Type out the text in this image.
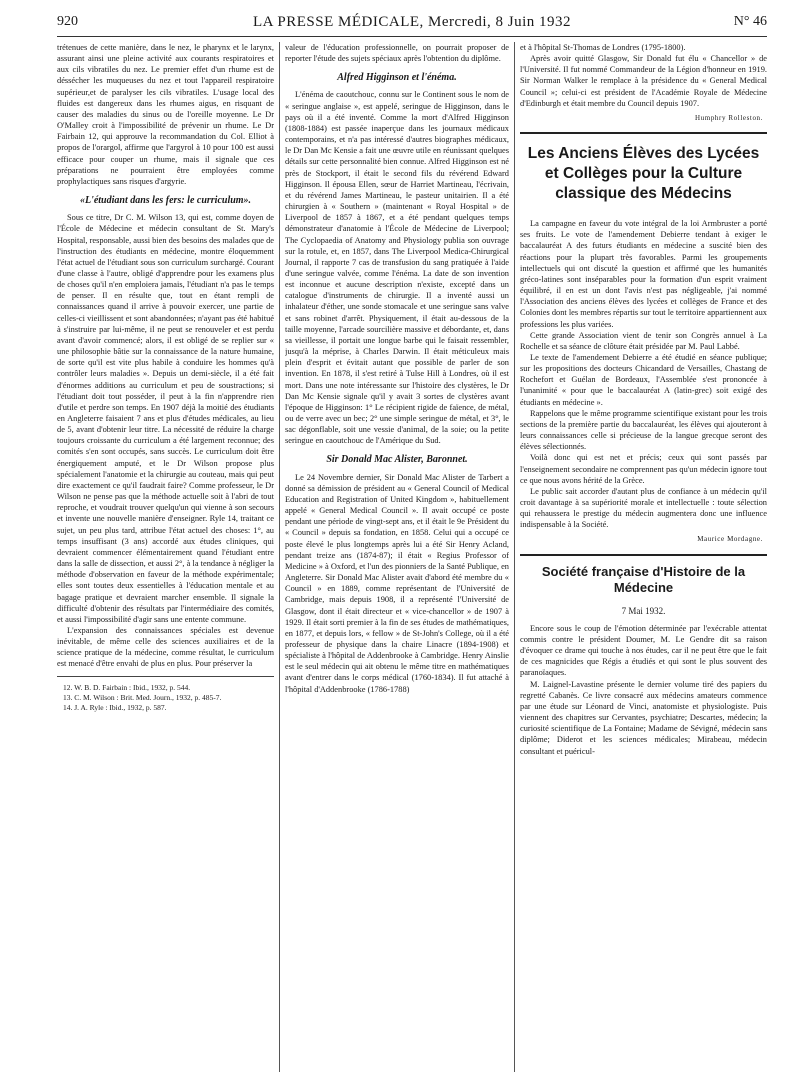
920	LA PRESSE MÉDICALE, Mercredi, 8 Juin 1932	N° 46

trétenues de cette manière, dans le nez, le pharynx et le larynx, assurant ainsi une pleine activité aux courants respiratoires et aux cils vibratiles du nez. Le premier effet d'un rhume est de déssécher les muqueuses du nez et tout l'appareil respiratoire supérieur,et de paralyser les cils vibratiles. L'usage local des fluides est dangereux dans les rhumes aigus, en risquant de causer des maladies du sinus ou de l'oreille moyenne. Le Dr O'Malley croit à l'impossibilité de prévenir un rhume. Le Dr Fairbain 12, qui approuve la recommandation du Col. Elliot à propos de l'orargol, affirme que l'argyrol à 10 pour 100 est aussi efficace pour couper un rhume, mais il signale que ces préparations ne pourraient être employées comme prophylactiques sans risques d'argyrie.

«L'étudiant dans les fers: le curriculum».

Sous ce titre, Dr C. M. Wilson 13, qui est, comme doyen de l'École de Médecine et médecin consultant de St. Mary's Hospital, responsable, aussi bien des besoins des malades que de l'instruction des étudiants en médecine, montre éloquemment l'état actuel de l'étudiant sous son curriculum surchargé. Courant d'une classe à l'autre, obligé d'apprendre pour les examens plus de choses qu'il n'en emploiera jamais, l'étudiant n'a pas le temps de penser. Il en résulte que, tout en étant rempli de connaissances quand il arrive à pouvoir exercer, une partie de celles-ci vieillissent et sont abandonnées; n'ayant pas été habitué à s'instruire par lui-même, il ne peut se renouveler et est perdu avant d'avoir commencé; alors, il est obligé de se replier sur « une philosophie bâtie sur la connaissance de la nature humaine, de sorte qu'il est vite plus habile à conduire les hommes qu'à contrôler leurs maladies ». Depuis un demi-siècle, il a été fait d'énormes additions au curriculum et peu de soustractions; si l'étudiant doit tout posséder, il peut à la fin n'apprendre rien d'utile et perdre son temps. En 1907 déjà la moitié des étudiants en Angleterre faisaient 7 ans et plus d'études médicales, au lieu de 5, avant d'obtenir leur titre. La nécessité de réduire la charge toujours croissante du curriculum a été largement reconnue; des comités s'en sont occupés, sans succès. Le curriculum doit être énergiquement amputé, et le Dr Wilson propose plus spécialement l'anatomie et la chirurgie au couteau, mais qui peut dire exactement ce qu'il faudrait faire? Comme professeur, le Dr Wilson ne pense pas que la méthode actuelle soit à l'abri de tout reproche, et voudrait trouver quelqu'un qui vienne à son secours et invente une nouvelle manière d'enseigner. Ryle 14, traitant ce sujet, un peu plus tard, attribue l'état actuel des choses: 1°, au temps insuffisant (3 ans) accordé aux études cliniques, qui devraient commencer élémentairement quand l'étudiant entre dans la salle de dissection, et aussi 2°, à la tendance à négliger la méthode d'observation en faveur de la méthode expérimentale; elles sont toutes deux essentielles à l'éducation mentale et au bagage pratique et devraient marcher ensemble. Il signale la difficulté d'obtenir des résultats par l'intermédiaire des comités, et aussi l'impossibilité d'agir sans une entente commune.

L'expansion des connaissances spéciales est devenue inévitable, de même celle des sciences auxiliaires et de la science pratique de la médecine, comme résultat, le curriculum est menacé d'être envahi de plus en plus. Pour préserver la

12. W. B. D. Fairbain : Ibid., 1932, p. 544.
13. C. M. Wilson : Brit. Med. Journ., 1932, p. 485-7.
14. J. A. Ryle : Ibid., 1932, p. 587.

valeur de l'éducation professionnelle, on pourrait proposer de reporter l'étude des sujets spéciaux après l'obtention du diplôme.

Alfred Higginson et l'énéma.

L'énéma de caoutchouc, connu sur le Continent sous le nom de « seringue anglaise », est appelé, seringue de Higginson, dans le pays où il a été inventé. Comme la mort d'Alfred Higginson (1808-1884) est passée inaperçue dans les journaux médicaux contemporains, et n'a pas intéressé d'autres biographes médicaux, le Dr Dan Mc Kensie a fait une œuvre utile en réunissant quelques détails sur cette personnalité bien connue. Alfred Higginson est né près de Stockport, il était le second fils du révérend Edward Higginson. Il épousa Ellen, sœur de Harriet Martineau, l'écrivain, et du révérend James Martineau, le pasteur unitairien. Il a été chirurgien à « Southern » (maintenant « Royal Hospital » de Liverpool de 1857 à 1867, et a été pendant quelques temps démonstrateur d'anatomie à l'École de Médecine de Liverpool; The Cyclopaedia of Anatomy and Physiology publia son ouvrage sur la rotule, et, en 1857, dans The Liverpool Medica-Chirurgical Journal, il rapporte 7 cas de transfusion du sang pratiquée à l'aide d'une seringue valvée, comme l'énéma. La date de son invention est inconnue et aucune description n'existe, excepté dans un catalogue d'instruments de chirurgie. Il a inventé aussi un inhalateur d'éther, une sonde stomacale et une seringue sans valve et sans robinet d'arrêt. Physiquement, il était au-dessous de la taille moyenne, l'arcade sourcilière massive et débordante, et, dans sa vieillesse, il portait une longue barbe qui le faisait ressembler, jusqu'à la méprise, à Charles Darwin. Il était méticuleux mais plein d'esprit et évitait autant que possible de parler de son invention. En 1878, il s'est retiré à Tulse Hill à Londres, où il est mort. Dans une note intéressante sur l'histoire des clystères, le Dr Dan Mc Kensie signale qu'il y avait 3 sortes de clystères avant l'époque de Higginson: 1° Le récipient rigide de faïence, de métal, ou de verre avec un bec; 2° une simple seringue de métal, et 3°, le sac dégonflable, soit une vessie d'animal, de la soie; ou la petite seringue en caoutchouc de l'Amérique du Sud.

Sir Donald Mac Alister, Baronnet.

Le 24 Novembre dernier, Sir Donald Mac Alister de Tarbert a donné sa démission de président au « General Council of Medical Education and Registration of United Kingdom », habituellement appelé « General Medical Council ». Il avait occupé ce poste pendant une période de vingt-sept ans, et il était le 9e Président du « Council » depuis sa fondation, en 1858. Celui qui a occupé ce poste élevé le plus longtemps après lui a été Sir Henry Acland, pendant treize ans (1874-87); il était « Regius Professor of Medicine » à Oxford, et l'un des pionniers de la Santé Publique, en Angleterre. Sir Donald Mac Alister avait d'abord été membre du « Council » en 1889, comme représentant de l'Université de Cambridge, mais depuis 1908, il a représenté l'Université de Glasgow, dont il était directeur et « vice-chancellor » de 1907 à 1929. Il était sorti premier à la fin de ses études de mathématiques, en 1877, et depuis lors, « fellow » de St-John's College, où il a été professeur de physique dans la chaire Linacre (1894-1908) et spécialiste à l'hôpital de Addenbrooke à Cambridge. Henry Ainslie est le seul médecin qui ait obtenu le même titre en mathématiques avant d'entrer dans le corps médical (1760-1834). Il fut attaché à l'hôpital d'Addenbrooke (1786-1788)

et à l'hôpital St-Thomas de Londres (1795-1800).

Après avoir quitté Glasgow, Sir Donald fut élu « Chancellor » de l'Université. Il fut nommé Commandeur de la Légion d'honneur en 1919. Sir Norman Walker le remplace à la présidence du « General Medical Council »; celui-ci est président de l'Académie Royale de Médecine d'Edinburgh et était membre du Council depuis 1907.

Humphry Rolleston.
Les Anciens Élèves des Lycées et Collèges pour la Culture classique des Médecins

La campagne en faveur du vote intégral de la loi Armbruster a porté ses fruits. Le vote de l'amendement Debierre tendant à exiger le baccalauréat A des futurs étudiants en médecine a suscité bien des réactions pour la plupart très favorables. Parmi les groupements intellectuels qui ont discuté la question et affirmé que les humanités gréco-latines sont inséparables pour la formation d'un esprit vraiment équilibré, il en est un dont l'avis n'est pas négligeable, j'ai nommé l'Association des anciens élèves des lycées et collèges de France et des Colonies dont les membres répartis sur tout le territoire appartiennent aux professions les plus variées.

Cette grande Association vient de tenir son Congrès annuel à La Rochelle et sa séance de clôture était présidée par M. Paul Labbé.

Le texte de l'amendement Debierre a été étudié en séance publique; sur les propositions des docteurs Chicandard de Versailles, Chastang de Rochefort et Guélan de Bordeaux, l'Assemblée s'est prononcée à l'unanimité « pour que le baccalauréat A (latin-grec) soit exigé des étudiants en médecine ».

Rappelons que le même programme scientifique existant pour les trois sections de la première partie du baccalauréat, les élèves qui ajouteront à leurs connaissances celle si précieuse de la langue grecque seront des élèves sélectionnés.

Voilà donc qui est net et précis; ceux qui sont passés par l'enseignement secondaire ne comprennent pas qu'un médecin ignore tout ce que nous avons hérité de la Grèce.

Le public sait accorder d'autant plus de confiance à un médecin qu'il croit davantage à sa supériorité morale et intellectuelle : toute sélection qui rehaussera le prestige du médecin augmentera donc une influence indispensable à la Société.

Maurice Mordagne.
Société française d'Histoire de la Médecine
7 Mai 1932.

Encore sous le coup de l'émotion déterminée par l'exécrable attentat commis contre le président Doumer, M. Le Gendre dit sa raison d'évoquer ce drame qui touche à nos études, car il ne peut être que le fait de ces magnicides que Régis a étudiés et qui sont le plus souvent des paranoïaques.

M. Laignel-Lavastine présente le dernier volume tiré des papiers du regretté Cabanès. Ce livre consacré aux médecins amateurs commence par une étude sur Léonard de Vinci, anatomiste et physiologiste. Puis viennent des chapitres sur Cervantes, psychiatre; Descartes, médecin; la curiosité scientifique de La Fontaine; Madame de Sévigné, médecin sans diplôme; Diderot et les sciences médicales; Mirabeau, médecin consultant et puéricul-
